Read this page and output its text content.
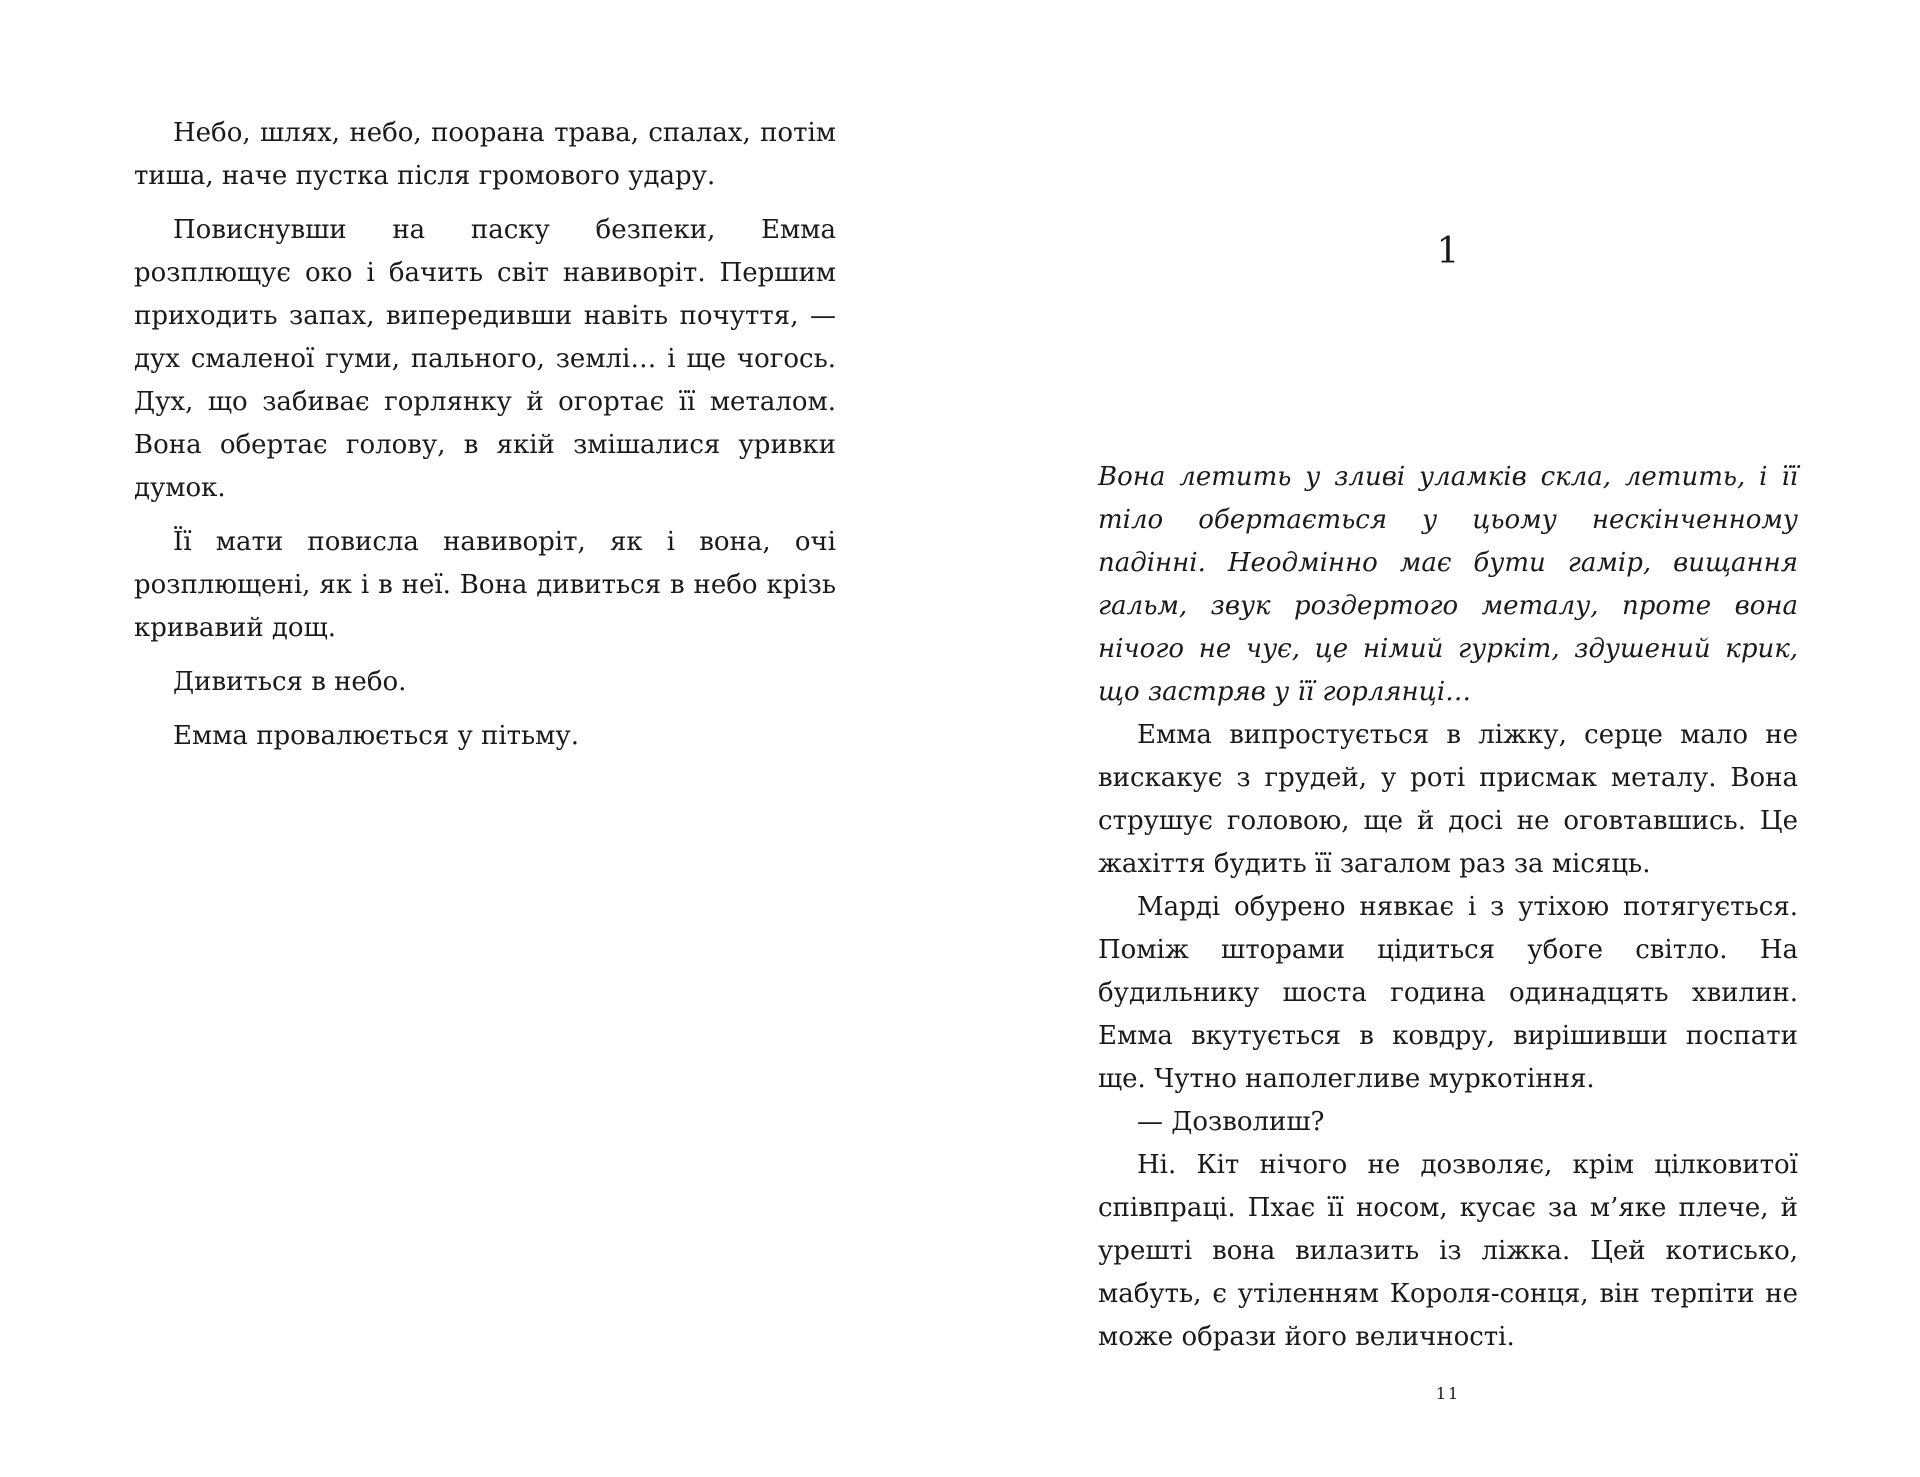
Небо, шлях, небо, поорана трава, спалах, потім тиша, наче пустка після громового удару.

Повиснувши на паску безпеки, Емма розплющує око і бачить світ навиворіт. Першим приходить запах, випередивши навіть почуття, — дух смаленої гуми, пального, землі… і ще чогось. Дух, що забиває горлянку й огортає її металом. Вона обертає голову, в якій змішалися уривки думок.

Її мати повисла навиворіт, як і вона, очі розплющені, як і в неї. Вона дивиться в небо крізь кривавий дощ.

Дивиться в небо.

Емма провалюється у пітьму.

1

Вона летить у зливі уламків скла, летить, і її тіло обертається у цьому нескінченному падінні. Неодмінно має бути гамір, вищання гальм, звук роздертого металу, проте вона нічого не чує, це німий гуркіт, здушений крик, що застряв у її горлянці…

Емма випростується в ліжку, серце мало не вискакує з грудей, у роті присмак металу. Вона струшує головою, ще й досі не оговтавшись. Це жахіття будить її загалом раз за місяць.

Марді обурено нявкає і з утіхою потягується. Поміж шторами цідиться убоге світло. На будильнику шоста година одинадцять хвилин. Емма вкутується в ковдру, вирішивши поспати ще. Чутно наполегливе муркотіння.

— Дозволиш?

Ні. Кіт нічого не дозволяє, крім цілковитої співпраці. Пхає її носом, кусає за м’яке плече, й урешті вона вилазить із ліжка. Цей котисько, мабуть, є утіленням Короля-сонця, він терпіти не може образи його величності.

11
